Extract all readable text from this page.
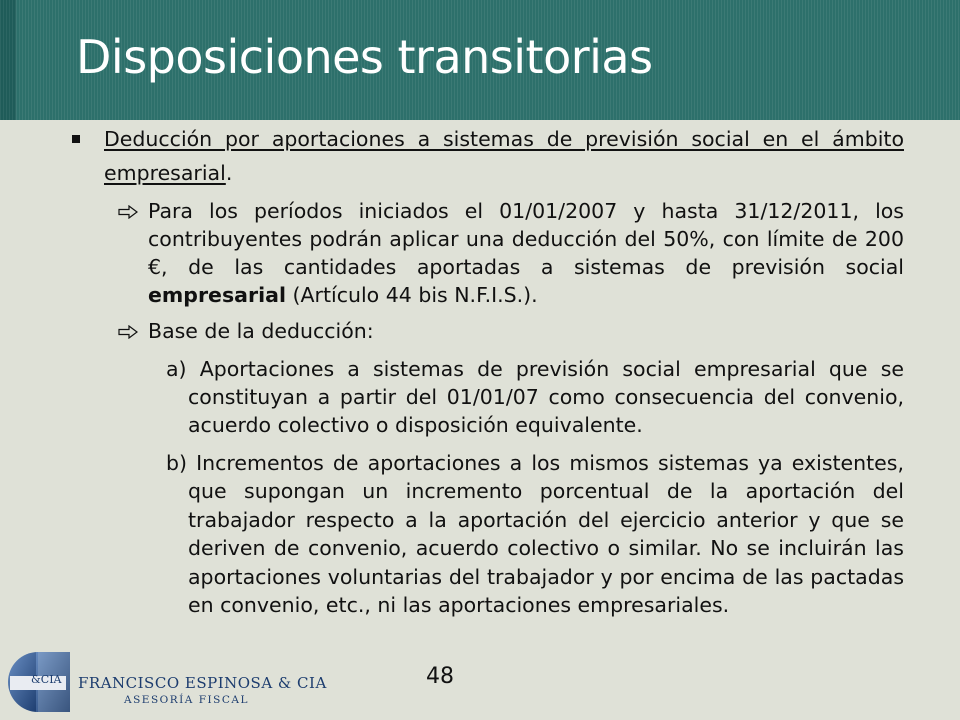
Disposiciones transitorias
Deducción por aportaciones a sistemas de previsión social en el ámbito empresarial.
Para los períodos iniciados el 01/01/2007 y hasta 31/12/2011, los contribuyentes podrán aplicar una deducción del 50%, con límite de 200 €, de las cantidades aportadas a sistemas de previsión social empresarial (Artículo 44 bis N.F.I.S.).
Base de la deducción:
a) Aportaciones a sistemas de previsión social empresarial que se constituyan a partir del 01/01/07 como consecuencia del convenio, acuerdo colectivo o disposición equivalente.
b) Incrementos de aportaciones a los mismos sistemas ya existentes, que supongan un incremento porcentual de la aportación del trabajador respecto a la aportación del ejercicio anterior y que se deriven de convenio, acuerdo colectivo o similar. No se incluirán las aportaciones voluntarias del trabajador y por encima de las pactadas en convenio, etc., ni las aportaciones empresariales.
&CIA FRANCISCO ESPINOSA & CIA
ASESORÍA FISCAL
48
